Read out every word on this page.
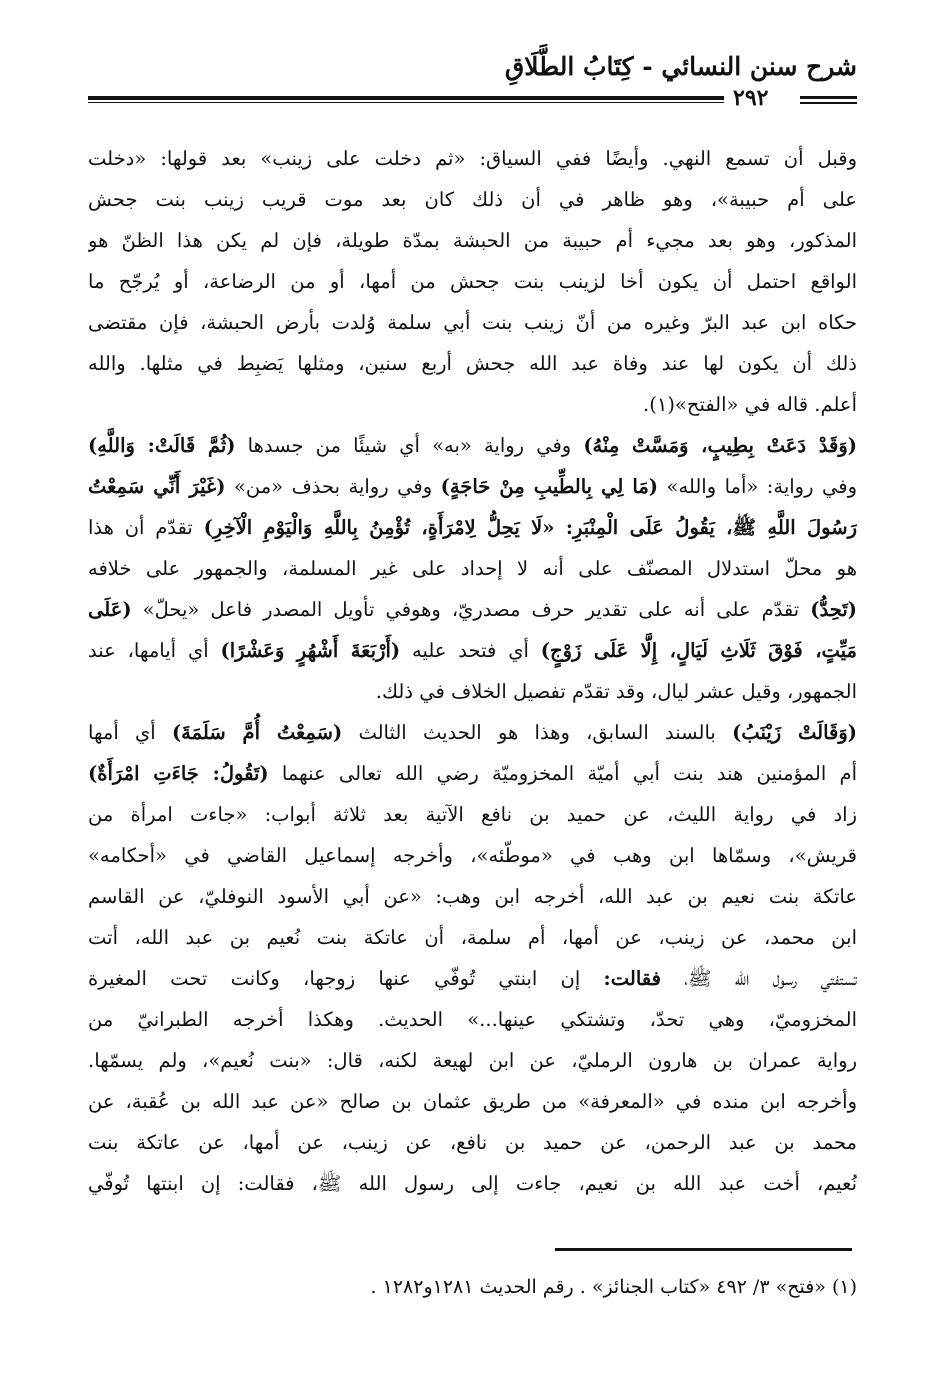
شرح سنن النسائي - كِتَابُ الطَّلَاقِ
٢٩٢
وقبل أن تسمع النهي. وأيضًا ففي السياق: «ثم دخلت على زينب» بعد قولها: «دخلت
على أم حبيبة»، وهو ظاهر في أن ذلك كان بعد موت قريب زينب بنت جحش
المذكور، وهو بعد مجيء أم حبيبة من الحبشة بمدّة طويلة، فإن لم يكن هذا الظنّ هو
الواقع احتمل أن يكون أخا لزينب بنت جحش من أمها، أو من الرضاعة، أو يُرجّح ما
حكاه ابن عبد البرّ وغيره من أنّ زينب بنت أبي سلمة وُلدت بأرض الحبشة، فإن مقتضى
ذلك أن يكون لها عند وفاة عبد الله جحش أربع سنين، ومثلها يَضبِط في مثلها. والله
أعلم. قاله في «الفتح»(١).
(وَقَدْ دَعَتْ بِطِيبٍ، وَمَسَّتْ مِنْهُ) وفي رواية «به» أي شيئًا من جسدها (ثُمَّ قَالَتْ: وَاللَّهِ)
وفي رواية: «أما والله» (مَا لِي بِالطِّيبِ مِنْ حَاجَةٍ) وفي رواية بحذف «من» (غَيْرَ أَنِّي سَمِعْتُ
رَسُولَ اللَّهِ ﷺ، يَقُولُ عَلَى الْمِنْبَرِ: «لَا يَحِلُّ لِامْرَأَةٍ، تُؤْمِنُ بِاللَّهِ وَالْيَوْمِ الْآخِرِ) تقدّم أن هذا
هو محلّ استدلال المصنّف على أنه لا إحداد على غير المسلمة، والجمهور على خلافه
(تَحِدُّ) تقدّم على أنه على تقدير حرف مصدريّ، وهوفي تأويل المصدر فاعل «يحلّ» (عَلَى
مَيِّتٍ، فَوْقَ ثَلَاثِ لَيَالٍ، إِلَّا عَلَى زَوْجٍ) أي فتحد عليه (أَرْبَعَةَ أَشْهُرٍ وَعَشْرًا) أي أيامها، عند
الجمهور، وقيل عشر ليال، وقد تقدّم تفصيل الخلاف في ذلك.
(وَقَالَتْ زَيْنَبُ) بالسند السابق، وهذا هو الحديث الثالث (سَمِعْتُ أُمَّ سَلَمَةَ) أي أمها
أم المؤمنين هند بنت أبي أميّة المخزوميّة رضي الله تعالى عنهما (تَقُولُ: جَاءَتِ امْرَأَةٌ)
زاد في رواية الليث، عن حميد بن نافع الآتية بعد ثلاثة أبواب: «جاءت امرأة من
قريش»، وسمّاها ابن وهب في «موطّئه»، وأخرجه إسماعيل القاضي في «أحكامه»
عاتكة بنت نعيم بن عبد الله، أخرجه ابن وهب: «عن أبي الأسود النوفليّ، عن القاسم
ابن محمد، عن زينب، عن أمها، أم سلمة، أن عاتكة بنت نُعيم بن عبد الله، أتت
تستفتي رسول الله ﷺ، فقالت: إن ابنتي تُوفّي عنها زوجها، وكانت تحت المغيرة
المخزوميّ، وهي تحدّ، وتشتكي عينها...» الحديث. وهكذا أخرجه الطبرانيّ من
رواية عمران بن هارون الرمليّ، عن ابن لهيعة لكنه، قال: «بنت نُعيم»، ولم يسمّها.
وأخرجه ابن منده في «المعرفة» من طريق عثمان بن صالح «عن عبد الله بن عُقبة، عن
محمد بن عبد الرحمن، عن حميد بن نافع، عن زينب، عن أمها، عن عاتكة بنت
نُعيم، أخت عبد الله بن نعيم، جاءت إلى رسول الله ﷺ، فقالت: إن ابنتها تُوفّي
(١) «فتح» ٣/ ٤٩٢ «كتاب الجنائز» . رقم الحديث ١٢٨١و١٢٨٢ .
